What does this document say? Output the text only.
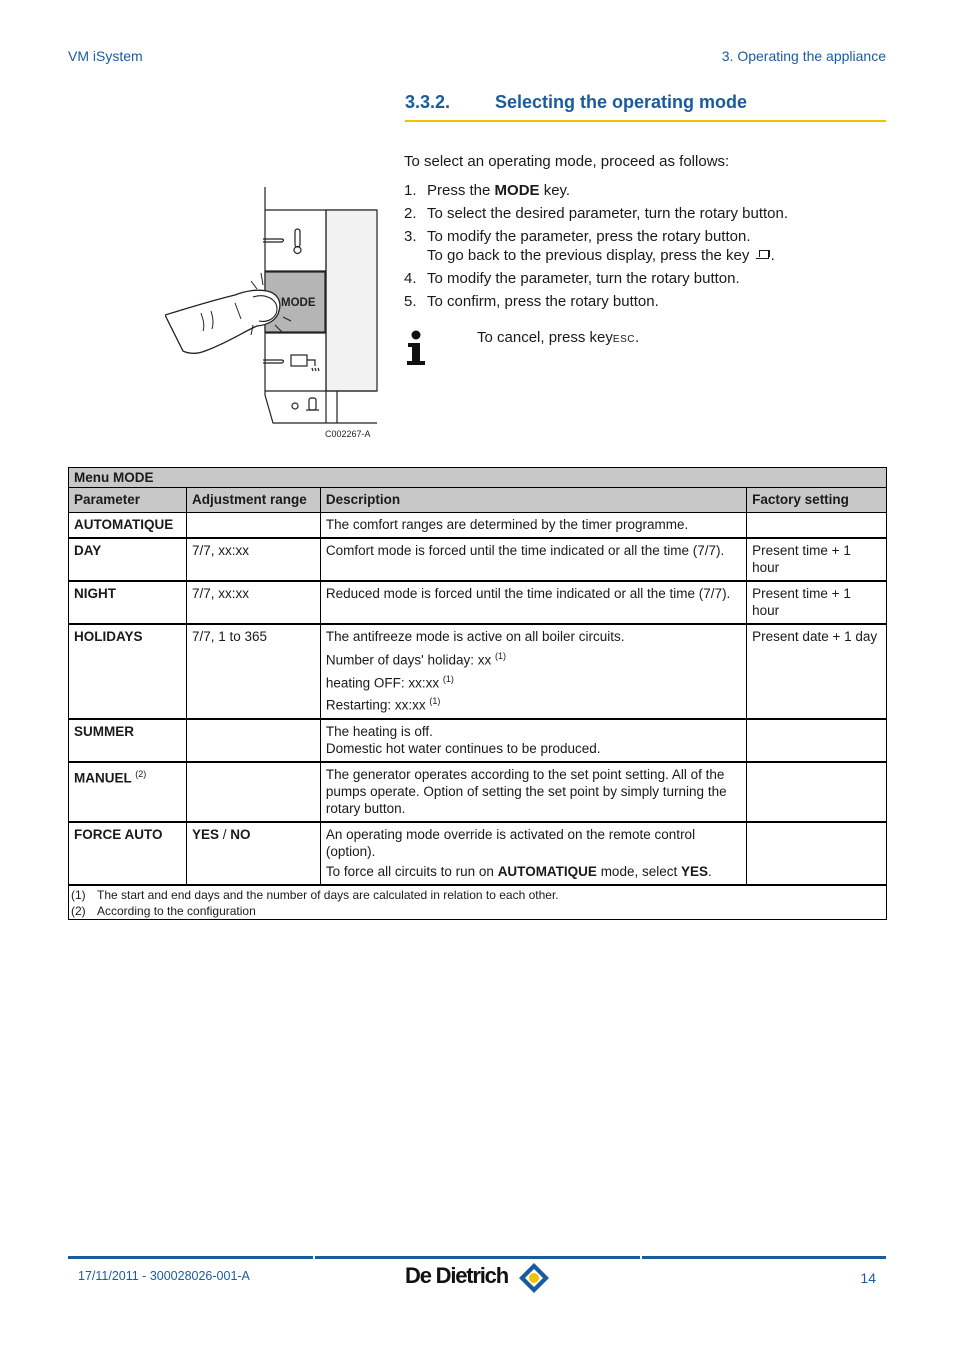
VM iSystem	3. Operating the appliance
3.3.2. Selecting the operating mode
MODE
C002267-A
To select an operating mode, proceed as follows:
1. Press the MODE key.
2. To select the desired parameter, turn the rotary button.
3. To modify the parameter, press the rotary button.
To go back to the previous display, press the key .
4. To modify the parameter, turn the rotary button.
5. To confirm, press the rotary button.
To cancel, press keyESC.
Menu MODE			
Parameter	Adjustment range	Description	Factory setting
AUTOMATIQUE		The comfort ranges are determined by the timer programme.	
DAY	7/7, xx:xx	Comfort mode is forced until the time indicated or all the time (7/7).	Present time + 1 hour
NIGHT	7/7, xx:xx	Reduced mode is forced until the time indicated or all the time (7/7).	Present time + 1 hour
HOLIDAYS	7/7, 1 to 365	The antifreeze mode is active on all boiler circuits.
Number of days' holiday: xx $^{(1)}$
heating OFF: xx:xx $^{(1)}$
Restarting: xx:xx $^{(1)}$	Present date + 1 day
SUMMER		The heating is off.
Domestic hot water continues to be produced.	

MANUEL $^{(2)}$		The generator operates according to the set point setting. All of the pumps operate. Option of setting the set point by simply turning the rotary button.	
FORCE AUTO	YES / NO	An operating mode override is activated on the remote control (option).
To force all circuits to run on AUTOMATIQUE mode, select YES.	

(1) The start and end days and the number of days are calculated in relation to each other.
(2) According to the configuration			
17/11/2011 - 300028026-001-A	De Dietrich	14
